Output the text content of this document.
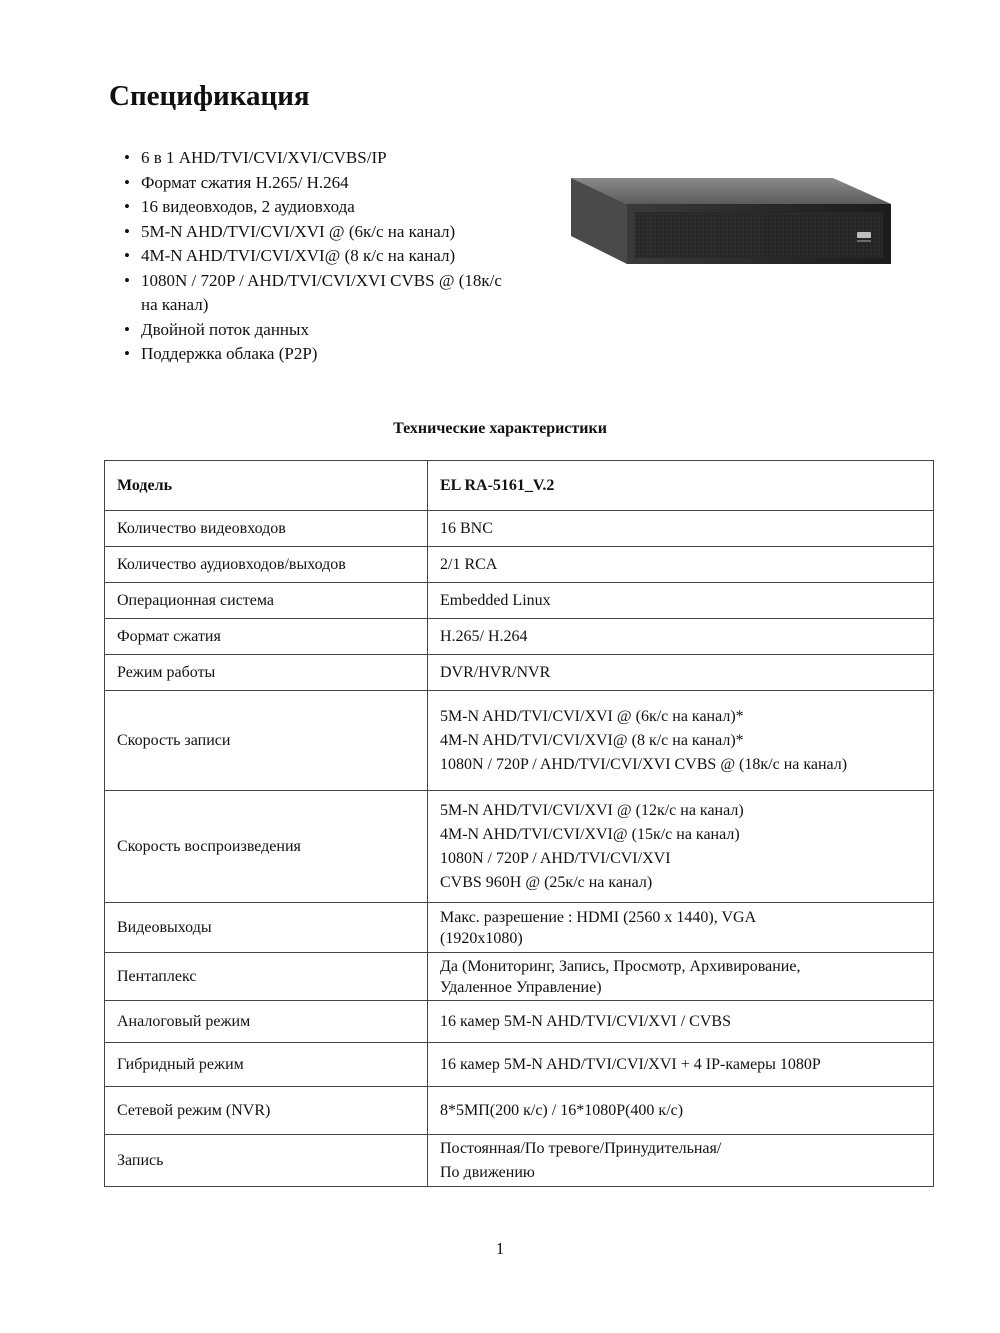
Спецификация
• 6 в 1 AHD/TVI/CVI/XVI/CVBS/IP
• Формат сжатия H.265/ H.264
• 16 видеовходов, 2 аудиовхода
• 5M-N AHD/TVI/CVI/XVI @ (6к/с на канал)
• 4M-N AHD/TVI/CVI/XVI@ (8 к/с на канал)
• 1080N / 720P / AHD/TVI/CVI/XVI CVBS @ (18к/с на канал)
• Двойной поток данных
• Поддержка облака (P2P)
Технические характеристики
Модель	EL RA-5161_V.2
Количество видеовходов	16 BNC

Количество аудиовходов/выходов	2/1 RCA

Операционная система	Embedded Linux

Формат сжатия	H.265/ H.264

Режим работы	DVR/HVR/NVR

Скорость записи	5M-N AHD/TVI/CVI/XVI @ (6к/с на канал)*
4M-N AHD/TVI/CVI/XVI@ (8 к/с на канал)*
1080N / 720P / AHD/TVI/CVI/XVI CVBS @ (18к/с на канал)

Скорость воспроизведения	5M-N AHD/TVI/CVI/XVI @ (12к/с на канал)
4M-N AHD/TVI/CVI/XVI@ (15к/с на канал)
1080N / 720P / AHD/TVI/CVI/XVI
CVBS 960H @ (25к/с на канал)

Видеовыходы	Макс. разрешение : HDMI (2560 x 1440), VGA
(1920x1080)

Пентаплекс	Да (Мониторинг, Запись, Просмотр, Архивирование,
Удаленное Управление)

Аналоговый режим	16 камер 5M-N AHD/TVI/CVI/XVI / CVBS

Гибридный режим	16 камер 5M-N AHD/TVI/CVI/XVI + 4 IP-камеры 1080P

Сетевой режим (NVR)	8*5МП(200 к/с) / 16*1080P(400 к/с)

Запись	Постоянная/По тревоге/Принудительная/
По движению
1
